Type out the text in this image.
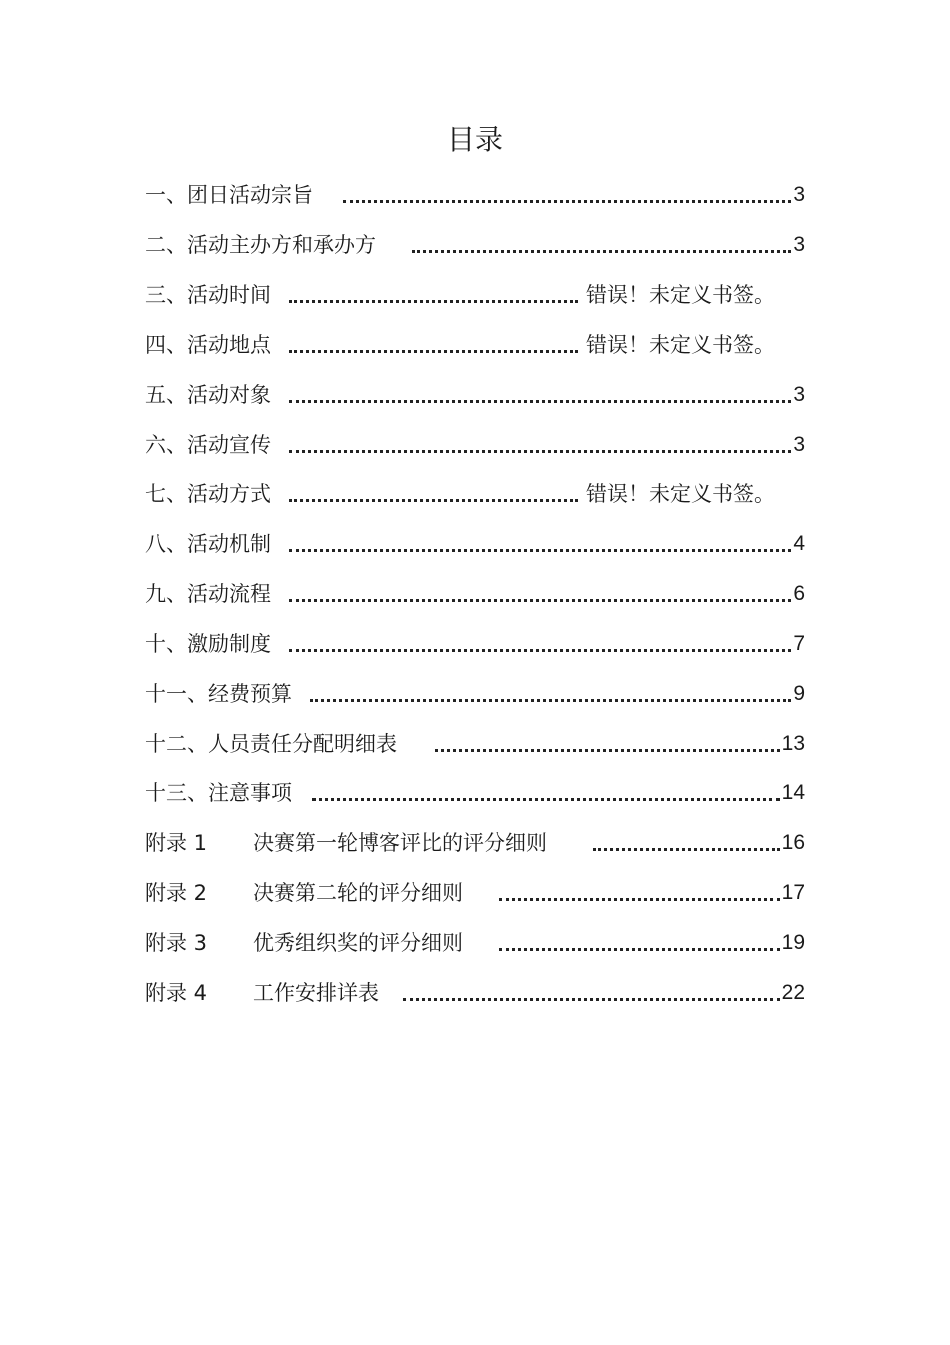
目录
一、团日活动宗旨	3
二、活动主办方和承办方	3
三、活动时间	错误！未定义书签。
四、活动地点	错误！未定义书签。
五、活动对象	3
六、活动宣传	3
七、活动方式	错误！未定义书签。
八、活动机制	4
九、活动流程	6
十、激励制度	7
十一、经费预算	9
十二、人员责任分配明细表	13
十三、注意事项	14
附录 1 决赛第一轮博客评比的评分细则	16
附录 2 决赛第二轮的评分细则	17
附录 3 优秀组织奖的评分细则	19
附录 4 工作安排详表	22
